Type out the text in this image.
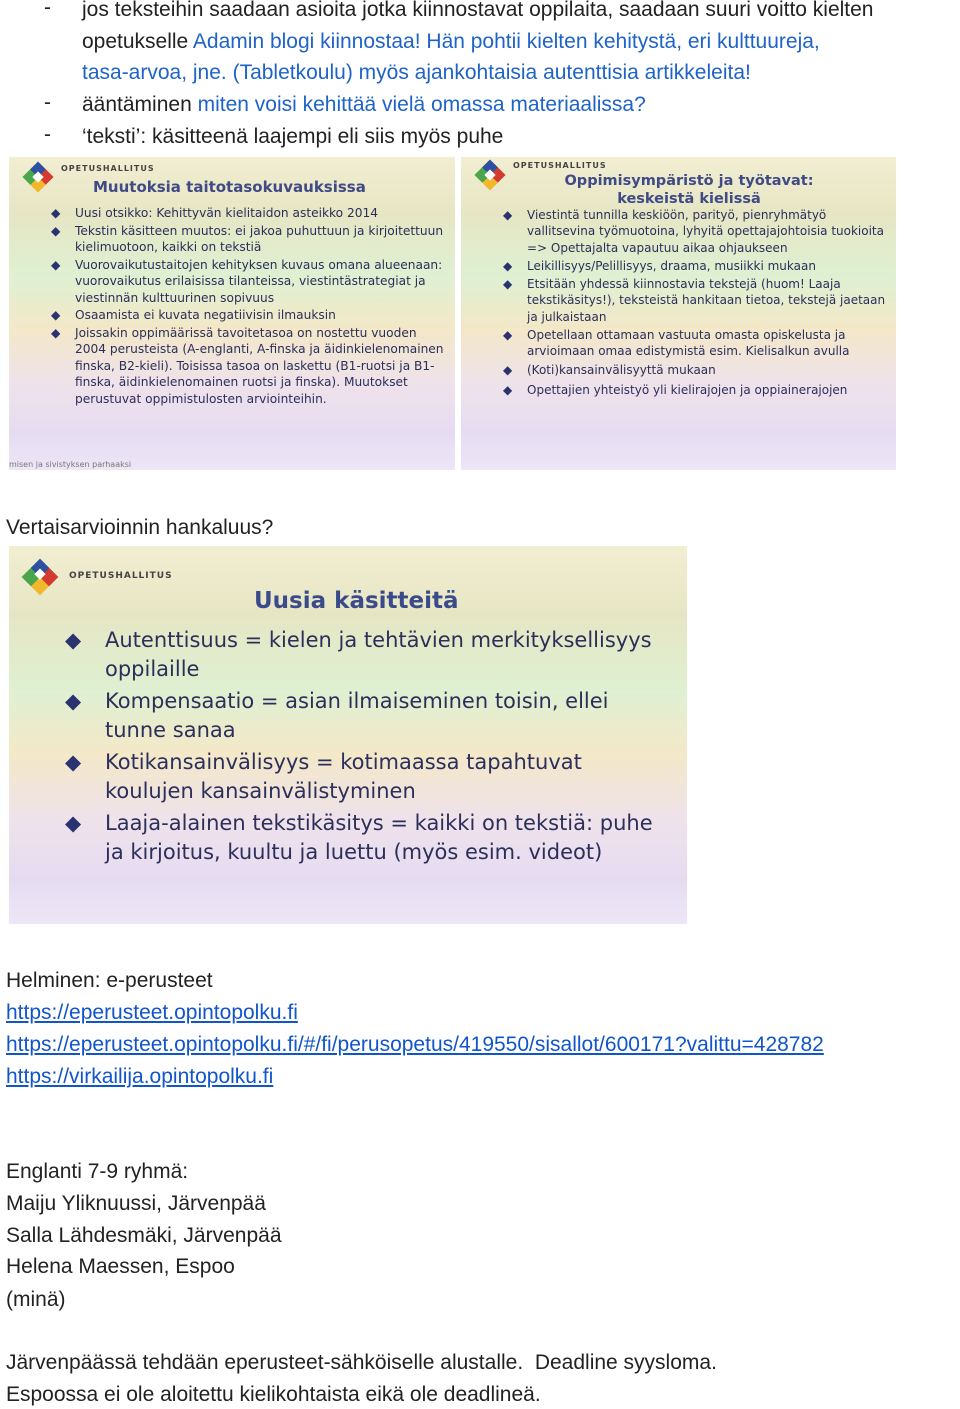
- jos teksteihin saadaan asioita jotka kiinnostavat oppilaita, saadaan suuri voitto kielten
opetukselle Adamin blogi kiinnostaa! Hän pohtii kielten kehitystä, eri kulttuureja,
tasa-arvoa, jne. (Tabletkoulu) myös ajankohtaisia autenttisia artikkeleita!
- ääntäminen miten voisi kehittää vielä omassa materiaalissa?
- ‘teksti’: käsitteenä laajempi eli siis myös puhe
OPETUSHALLITUS
Muutoksia taitotasokuvauksissa
◆ Uusi otsikko: Kehittyvän kielitaidon asteikko 2014
◆ Tekstin käsitteen muutos: ei jakoa puhuttuun ja kirjoitettuun kielimuotoon, kaikki on tekstiä
◆ Vuorovaikutustaitojen kehityksen kuvaus omana alueenaan: vuorovaikutus erilaisissa tilanteissa, viestintästrategiat ja viestinnän kulttuurinen sopivuus
◆ Osaamista ei kuvata negatiivisin ilmauksin
◆ Joissakin oppimäärissä tavoitetasoa on nostettu vuoden 2004 perusteista (A-englanti, A-finska ja äidinkielenomainen finska, B2-kieli). Toisissa tasoa on laskettu (B1-ruotsi ja B1-finska, äidinkielenomainen ruotsi ja finska). Muutokset perustuvat oppimistulosten arviointeihin.
misen ja sivistyksen parhaaksi
OPETUSHALLITUS
Oppimisympäristö ja työtavat: keskeistä kielissä
◆ Viestintä tunnilla keskiöön, parityö, pienryhmätyö vallitsevina työmuotoina, lyhyitä opettajajohtoisia tuokioita => Opettajalta vapautuu aikaa ohjaukseen
◆ Leikillisyys/Pelillisyys, draama, musiikki mukaan
◆ Etsitään yhdessä kiinnostavia tekstejä (huom! Laaja tekstikäsitys!), teksteistä hankitaan tietoa, tekstejä jaetaan ja julkaistaan
◆ Opetellaan ottamaan vastuuta omasta opiskelusta ja arvioimaan omaa edistymistä esim. Kielisalkun avulla
◆ (Koti)kansainvälisyyttä mukaan
◆ Opettajien yhteistyö yli kielirajojen ja oppiainerajojen
Vertaisarvioinnin hankaluus?
OPETUSHALLITUS
Uusia käsitteitä
◆ Autenttisuus = kielen ja tehtävien merkityksellisyys oppilaille
◆ Kompensaatio = asian ilmaiseminen toisin, ellei tunne sanaa
◆ Kotikansainvälisyys = kotimaassa tapahtuvat koulujen kansainvälistyminen
◆ Laaja-alainen tekstikäsitys = kaikki on tekstiä: puhe ja kirjoitus, kuultu ja luettu (myös esim. videot)
Helminen: e-perusteet
https://eperusteet.opintopolku.fi
https://eperusteet.opintopolku.fi/#/fi/perusopetus/419550/sisallot/600171?valittu=428782
https://virkailija.opintopolku.fi
Englanti 7-9 ryhmä:
Maiju Yliknuussi, Järvenpää
Salla Lähdesmäki, Järvenpää
Helena Maessen, Espoo
(minä)
Järvenpäässä tehdään eperusteet-sähköiselle alustalle.  Deadline syysloma.
Espoossa ei ole aloitettu kielikohtaista eikä ole deadlineä.
